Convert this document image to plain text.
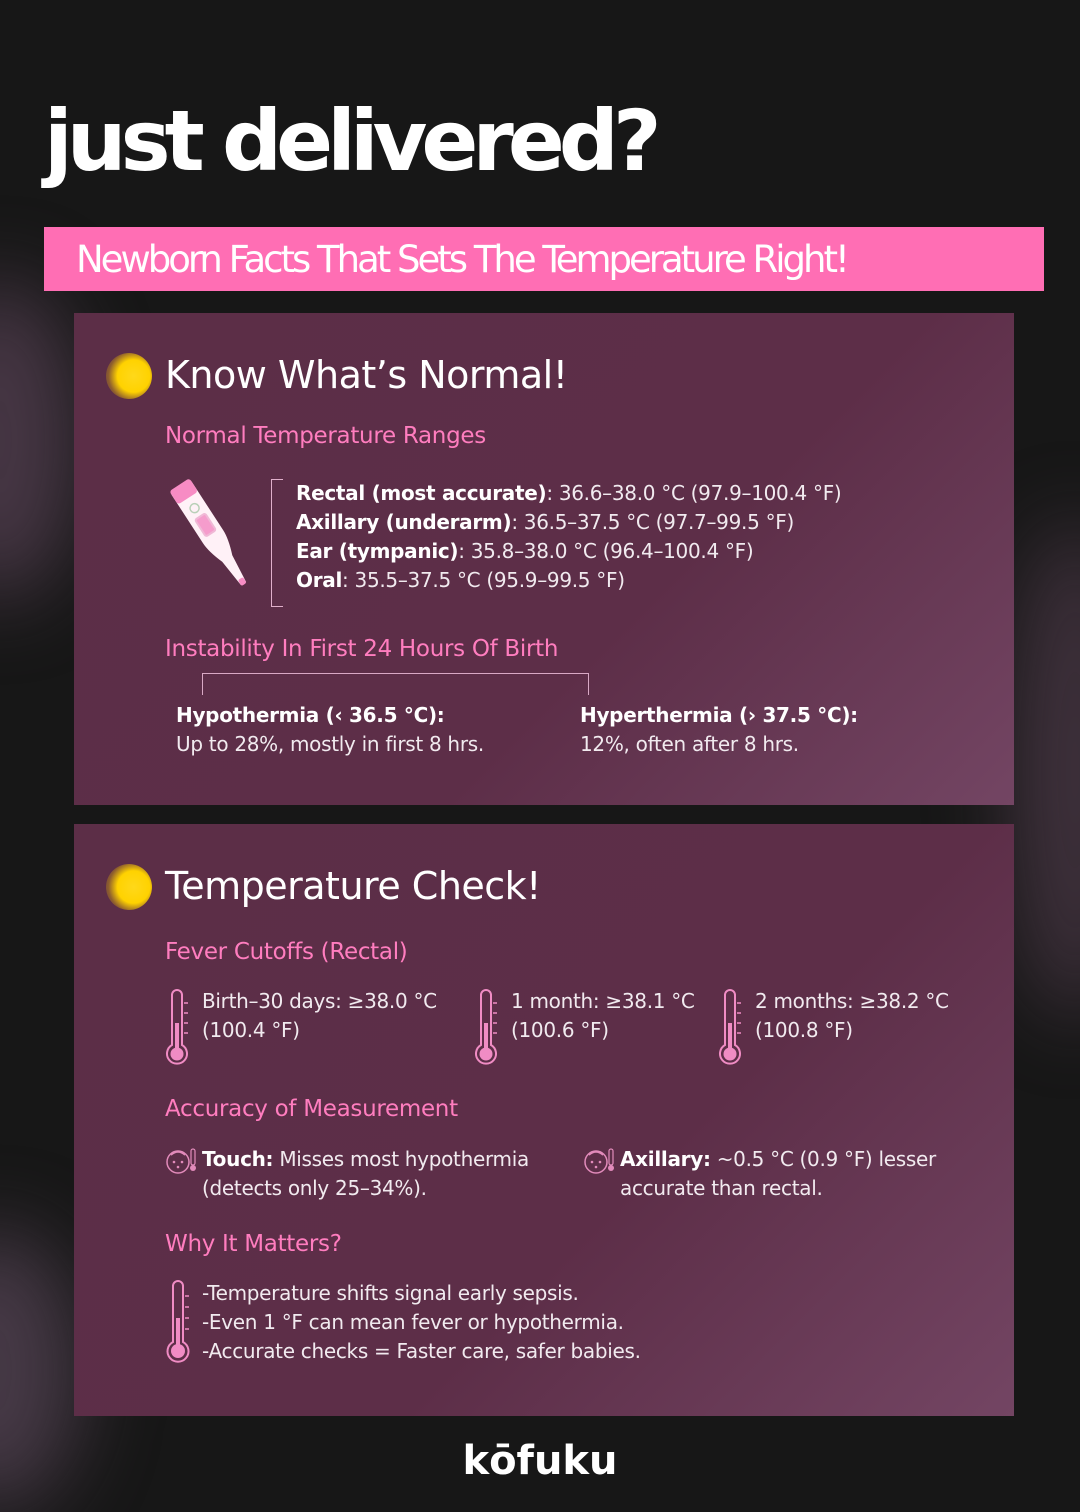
just delivered?
Newborn Facts That Sets The Temperature Right!
Know What’s Normal!
Normal Temperature Ranges
Rectal (most accurate): 36.6–38.0 °C (97.9–100.4 °F)
Axillary (underarm): 36.5–37.5 °C (97.7–99.5 °F)
Ear (tympanic): 35.8–38.0 °C (96.4–100.4 °F)
Oral: 35.5–37.5 °C (95.9–99.5 °F)
Instability In First 24 Hours Of Birth
Hypothermia (‹ 36.5 °C):
Up to 28%, mostly in first 8 hrs.
Hyperthermia (› 37.5 °C):
12%, often after 8 hrs.
Temperature Check!
Fever Cutoffs (Rectal)
Birth–30 days: ≥38.0 °C
(100.4 °F)
1 month: ≥38.1 °C
(100.6 °F)
2 months: ≥38.2 °C
(100.8 °F)
Accuracy of Measurement
Touch: Misses most hypothermia
(detects only 25–34%).
Axillary: ~0.5 °C (0.9 °F) lesser
accurate than rectal.
Why It Matters?
-Temperature shifts signal early sepsis.
-Even 1 °F can mean fever or hypothermia.
-Accurate checks = Faster care, safer babies.
kōfuku
